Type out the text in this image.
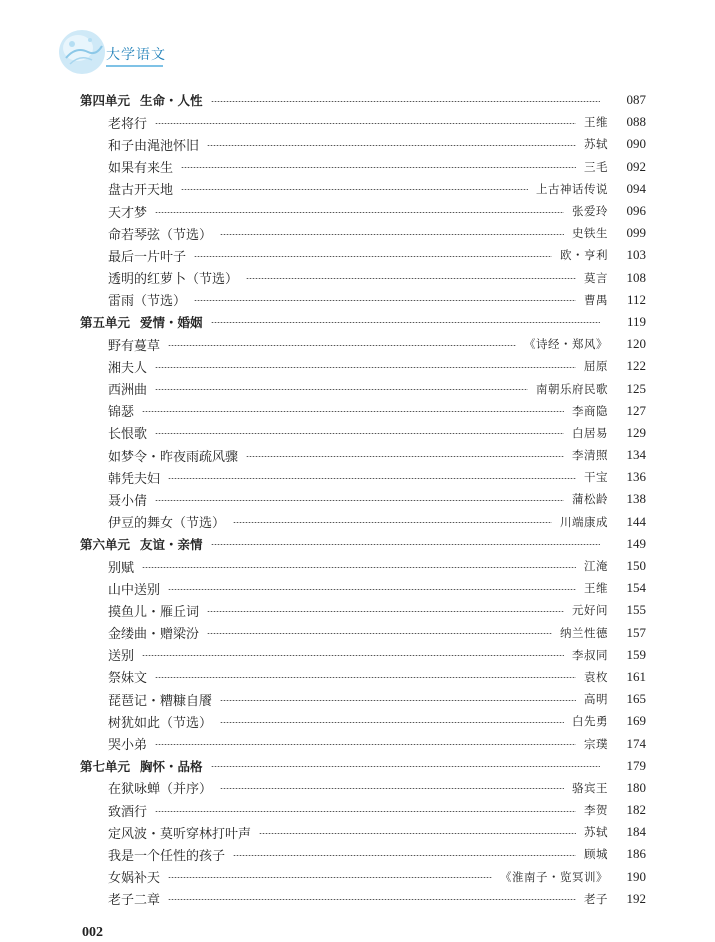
大学语文
第四单元 生命・人性	087
老将行	王维	088
和子由渑池怀旧	苏轼	090
如果有来生	三毛	092
盘古开天地	上古神话传说	094
天才梦	张爱玲	096
命若琴弦（节选）	史铁生	099
最后一片叶子	欧・亨利	103
透明的红萝卜（节选）	莫言	108
雷雨（节选）	曹禺	112
第五单元 爱情・婚姻	119
野有蔓草	《诗经・郑风》	120
湘夫人	屈原	122
西洲曲	南朝乐府民歌	125
锦瑟	李商隐	127
长恨歌	白居易	129
如梦令・昨夜雨疏风骤	李清照	134
韩凭夫妇	干宝	136
聂小倩	蒲松龄	138
伊豆的舞女（节选）	川端康成	144
第六单元 友谊・亲情	149
别赋	江淹	150
山中送别	王维	154
摸鱼儿・雁丘词	元好问	155
金缕曲・赠梁汾	纳兰性德	157
送别	李叔同	159
祭妹文	袁枚	161
琵琶记・糟糠自餍	高明	165
树犹如此（节选）	白先勇	169
哭小弟	宗璞	174
第七单元 胸怀・品格	179
在狱咏蝉（并序）	骆宾王	180
致酒行	李贺	182
定风波・莫听穿林打叶声	苏轼	184
我是一个任性的孩子	顾城	186
女娲补天	《淮南子・览冥训》	190
老子二章	老子	192
002
